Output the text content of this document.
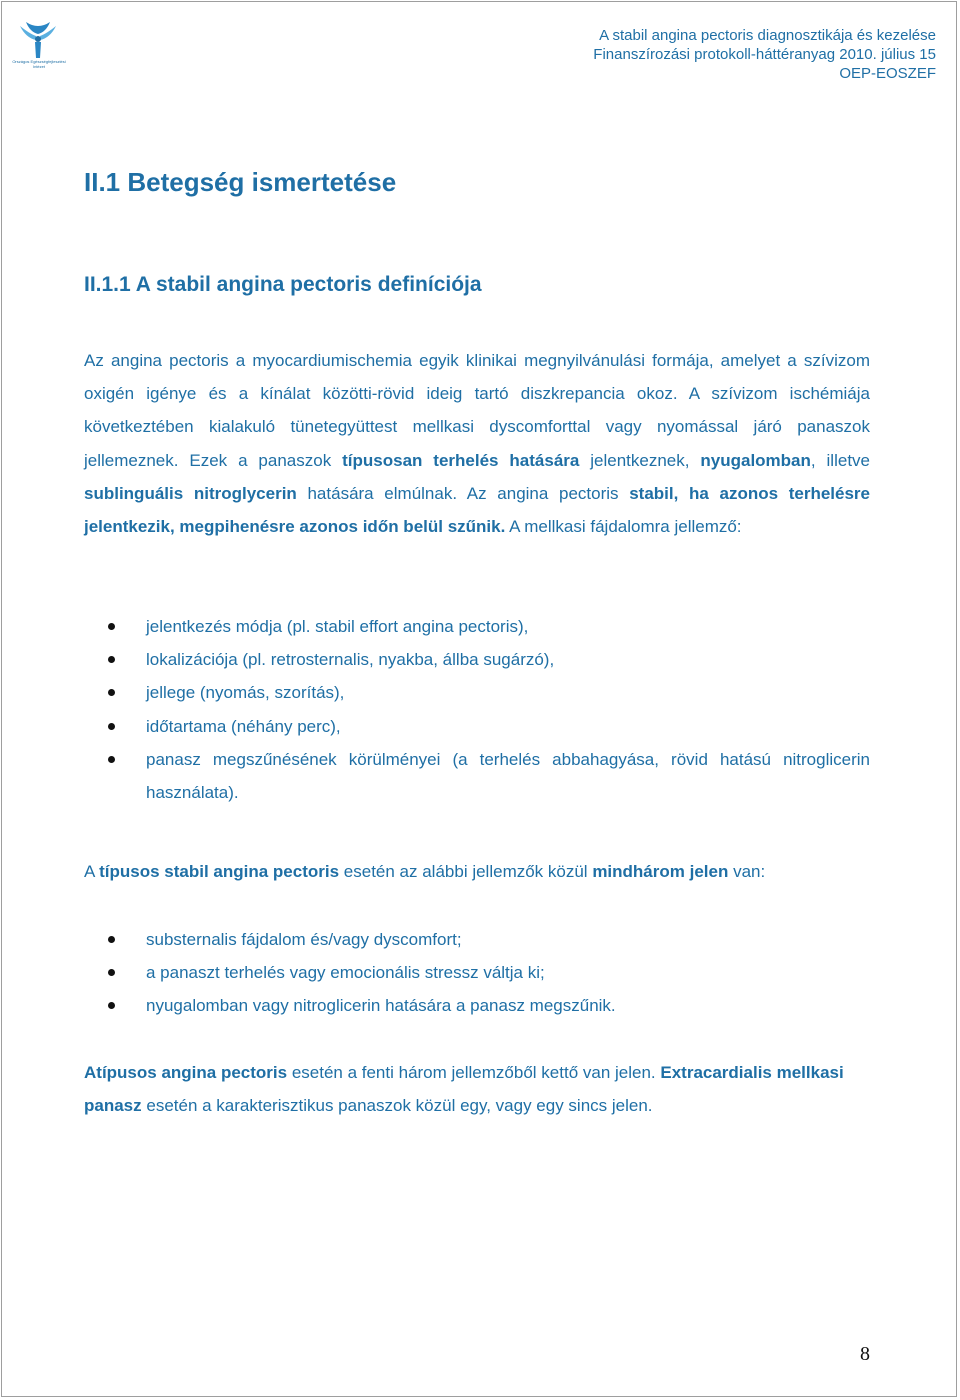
Országos Egészségfejlesztési Intézet
A stabil angina pectoris diagnosztikája és kezelése
Finanszírozási protokoll-háttéranyag 2010. július 15
OEP-EOSZEF
II.1 Betegség ismertetése
II.1.1 A stabil angina pectoris definíciója

Az angina pectoris a myocardiumischemia egyik klinikai megnyilvánulási formája, amelyet a szívizom oxigén igénye és a kínálat közötti-rövid ideig tartó diszkrepancia okoz. A szívizom ischémiája következtében kialakuló tünetegyüttest mellkasi dyscomforttal vagy nyomással járó panaszok jellemeznek. Ezek a panaszok típusosan terhelés hatására jelentkeznek, nyugalomban, illetve sublinguális nitroglycerin hatására elmúlnak. Az angina pectoris stabil, ha azonos terhelésre jelentkezik, megpihenésre azonos időn belül szűnik. A mellkasi fájdalomra jellemző:

jelentkezés módja (pl. stabil effort angina pectoris),
lokalizációja (pl. retrosternalis, nyakba, állba sugárzó),
jellege (nyomás, szorítás),
időtartama (néhány perc),
panasz megszűnésének körülményei (a terhelés abbahagyása, rövid hatású nitroglicerin használata).

A típusos stabil angina pectoris esetén az alábbi jellemzők közül mindhárom jelen van:

substernalis fájdalom és/vagy dyscomfort;
a panaszt terhelés vagy emocionális stressz váltja ki;
nyugalomban vagy nitroglicerin hatására a panasz megszűnik.

Atípusos angina pectoris esetén a fenti három jellemzőből kettő van jelen. Extracardialis mellkasi panasz esetén a karakterisztikus panaszok közül egy, vagy egy sincs jelen.

8
